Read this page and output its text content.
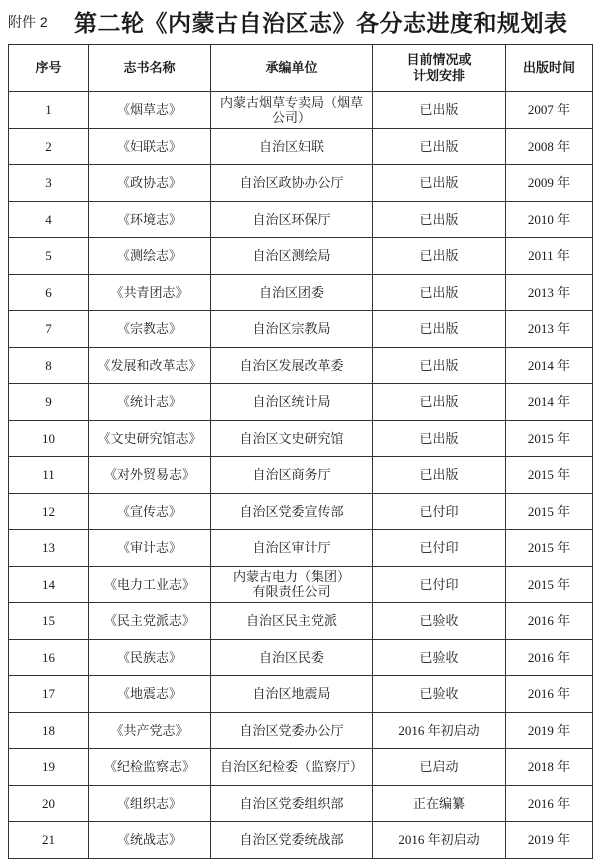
附件 2 第二轮《内蒙古自治区志》各分志进度和规划表
序号	志书名称	承编单位	目前情况或
计划安排	出版时间
1	《烟草志》	内蒙古烟草专卖局（烟草
公司）	已出版	2007 年
2	《妇联志》	自治区妇联	已出版	2008 年
3	《政协志》	自治区政协办公厅	已出版	2009 年
4	《环境志》	自治区环保厅	已出版	2010 年
5	《测绘志》	自治区测绘局	已出版	2011 年
6	《共青团志》	自治区团委	已出版	2013 年
7	《宗教志》	自治区宗教局	已出版	2013 年
8	《发展和改革志》	自治区发展改革委	已出版	2014 年
9	《统计志》	自治区统计局	已出版	2014 年
10	《文史研究馆志》	自治区文史研究馆	已出版	2015 年
11	《对外贸易志》	自治区商务厅	已出版	2015 年
12	《宣传志》	自治区党委宣传部	已付印	2015 年
13	《审计志》	自治区审计厅	已付印	2015 年
14	《电力工业志》	内蒙古电力（集团）
有限责任公司	已付印	2015 年
15	《民主党派志》	自治区民主党派	已验收	2016 年
16	《民族志》	自治区民委	已验收	2016 年
17	《地震志》	自治区地震局	已验收	2016 年
18	《共产党志》	自治区党委办公厅	2016 年初启动	2019 年
19	《纪检监察志》	自治区纪检委（监察厅）	已启动	2018 年
20	《组织志》	自治区党委组织部	正在编纂	2016 年
21	《统战志》	自治区党委统战部	2016 年初启动	2019 年
